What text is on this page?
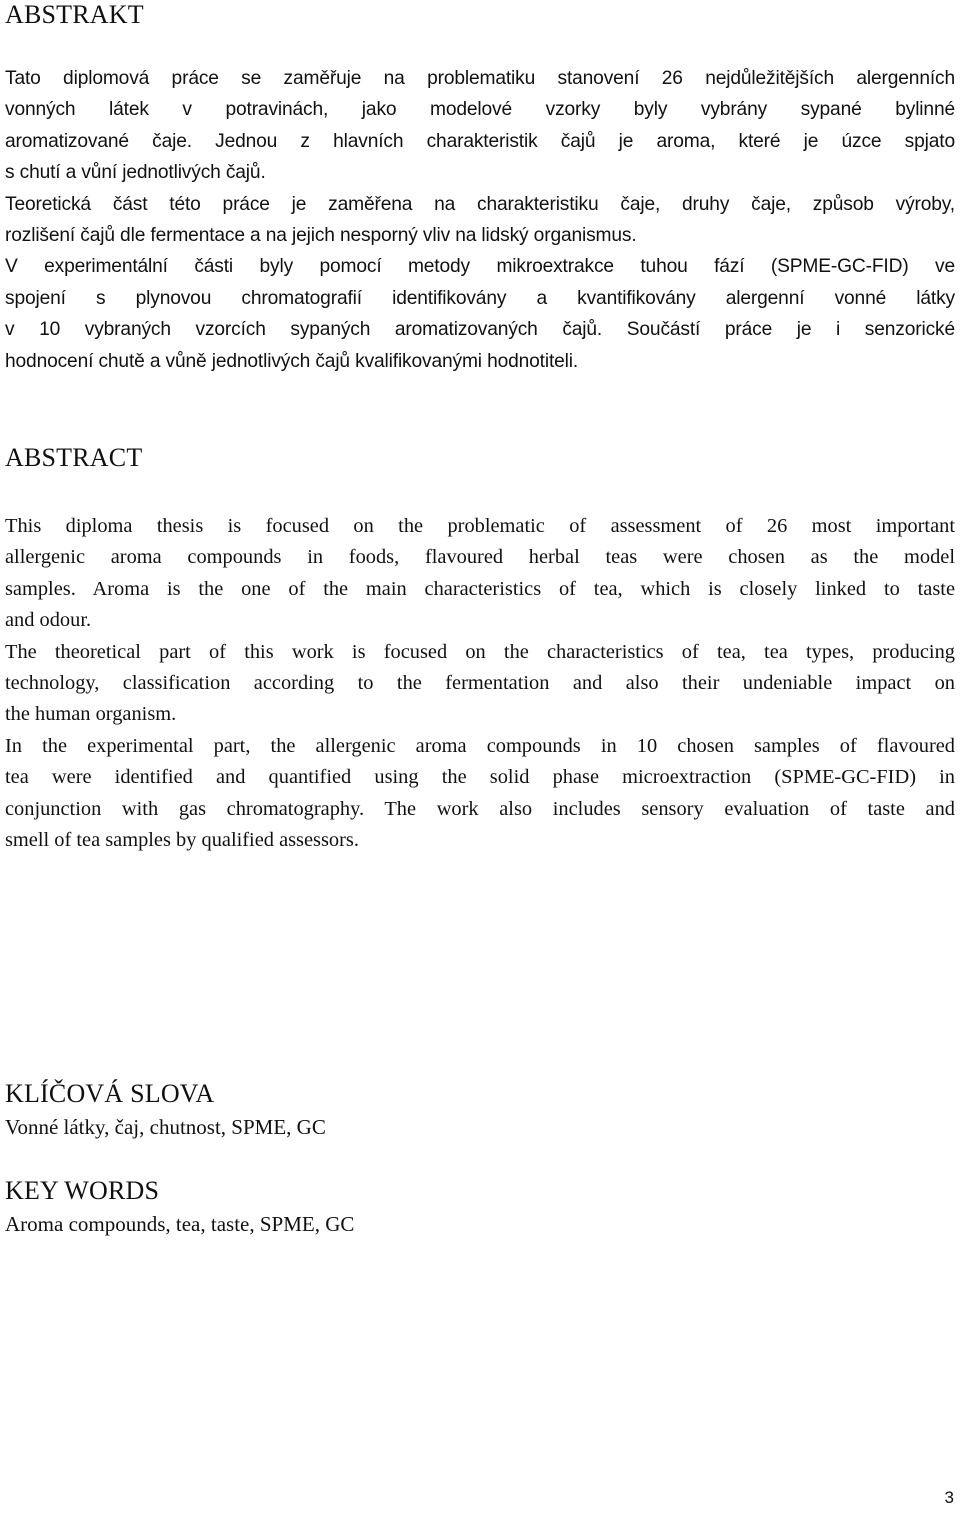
ABSTRAKT

Tato diplomová práce se zaměřuje na problematiku stanovení 26 nejdůležitějších alergenních

vonných látek v potravinách, jako modelové vzorky byly vybrány sypané bylinné

aromatizované čaje. Jednou z hlavních charakteristik čajů je aroma, které je úzce spjato

s chutí a vůní jednotlivých čajů.

Teoretická část této práce je zaměřena na charakteristiku čaje, druhy čaje, způsob výroby,

rozlišení čajů dle fermentace a na jejich nesporný vliv na lidský organismus.

V experimentální části byly pomocí metody mikroextrakce tuhou fází (SPME-GC-FID) ve

spojení s plynovou chromatografií identifikovány a kvantifikovány alergenní vonné látky

v 10 vybraných vzorcích sypaných aromatizovaných čajů. Součástí práce je i senzorické

hodnocení chutě a vůně jednotlivých čajů kvalifikovanými hodnotiteli.

ABSTRACT

This diploma thesis is focused on the problematic of assessment of 26 most important

allergenic aroma compounds in foods, flavoured herbal teas were chosen as the model

samples. Aroma is the one of the main characteristics of tea, which is closely linked to taste

and odour.

The theoretical part of this work is focused on the characteristics of tea, tea types, producing

technology, classification according to the fermentation and also their undeniable impact on

the human organism.

In the experimental part, the allergenic aroma compounds in 10 chosen samples of flavoured

tea were identified and quantified using the solid phase microextraction (SPME-GC-FID) in

conjunction with gas chromatography. The work also includes sensory evaluation of taste and

smell of tea samples by qualified assessors.

KLÍČOVÁ SLOVA

Vonné látky, čaj, chutnost, SPME, GC

KEY WORDS

Aroma compounds, tea, taste, SPME, GC

3
